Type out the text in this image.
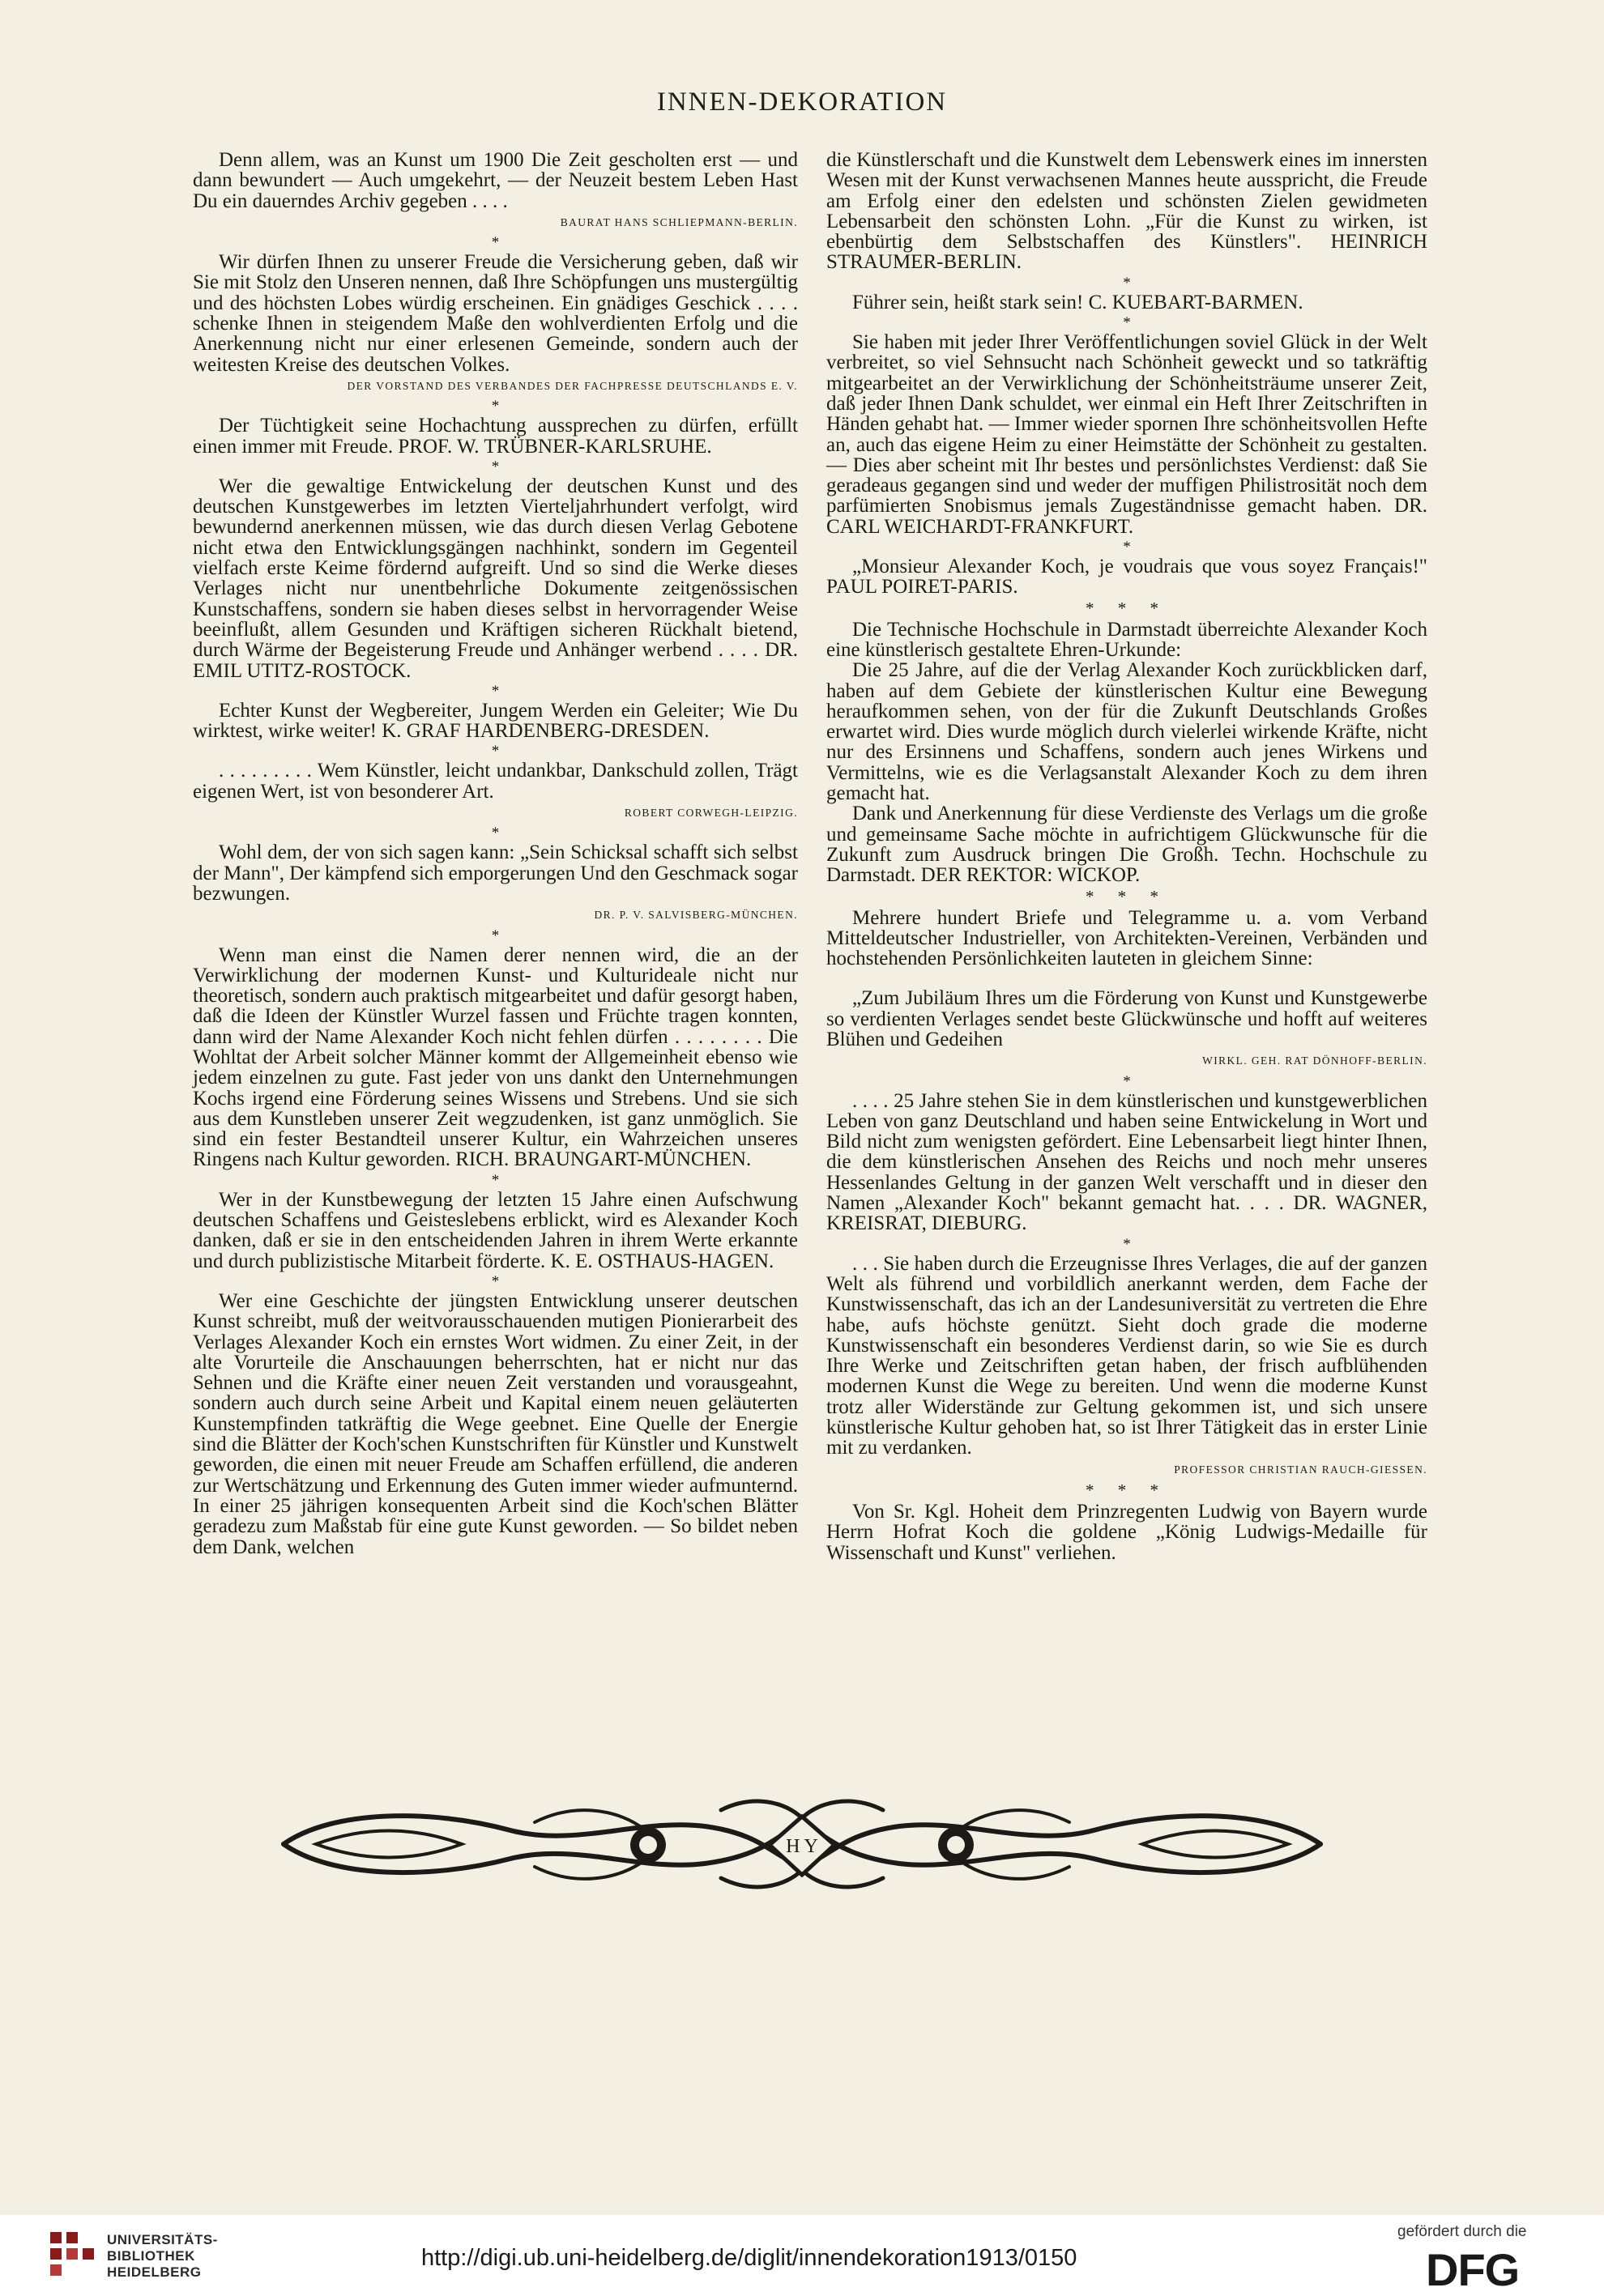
INNEN-DEKORATION

Denn allem, was an Kunst um 1900 Die Zeit gescholten erst — und dann bewundert — Auch umgekehrt, — der Neuzeit bestem Leben Hast Du ein dauerndes Archiv gegeben . . . .

BAURAT HANS SCHLIEPMANN-BERLIN.
*

Wir dürfen Ihnen zu unserer Freude die Versicherung geben, daß wir Sie mit Stolz den Unseren nennen, daß Ihre Schöpfungen uns mustergültig und des höchsten Lobes würdig erscheinen. Ein gnädiges Geschick . . . . schenke Ihnen in steigendem Maße den wohlverdienten Erfolg und die Anerkennung nicht nur einer erlesenen Gemeinde, sondern auch der weitesten Kreise des deutschen Volkes.

DER VORSTAND DES VERBANDES DER FACHPRESSE DEUTSCHLANDS E. V.
*

Der Tüchtigkeit seine Hochachtung aussprechen zu dürfen, erfüllt einen immer mit Freude. PROF. W. TRÜBNER-KARLSRUHE.

*

Wer die gewaltige Entwickelung der deutschen Kunst und des deutschen Kunstgewerbes im letzten Vierteljahrhundert verfolgt, wird bewundernd anerkennen müssen, wie das durch diesen Verlag Gebotene nicht etwa den Entwicklungsgängen nachhinkt, sondern im Gegenteil vielfach erste Keime fördernd aufgreift. Und so sind die Werke dieses Verlages nicht nur unentbehrliche Dokumente zeitgenössischen Kunstschaffens, sondern sie haben dieses selbst in hervorragender Weise beeinflußt, allem Gesunden und Kräftigen sicheren Rückhalt bietend, durch Wärme der Begeisterung Freude und Anhänger werbend . . . . DR. EMIL UTITZ-ROSTOCK.

*

Echter Kunst der Wegbereiter, Jungem Werden ein Geleiter; Wie Du wirktest, wirke weiter! K. GRAF HARDENBERG-DRESDEN.

*

. . . . . . . . . Wem Künstler, leicht undankbar, Dankschuld zollen, Trägt eigenen Wert, ist von besonderer Art.

ROBERT CORWEGH-LEIPZIG.
*

Wohl dem, der von sich sagen kann: „Sein Schicksal schafft sich selbst der Mann", Der kämpfend sich emporgerungen Und den Geschmack sogar bezwungen.

DR. P. V. SALVISBERG-MÜNCHEN.
*

Wenn man einst die Namen derer nennen wird, die an der Verwirklichung der modernen Kunst- und Kulturideale nicht nur theoretisch, sondern auch praktisch mitgearbeitet und dafür gesorgt haben, daß die Ideen der Künstler Wurzel fassen und Früchte tragen konnten, dann wird der Name Alexander Koch nicht fehlen dürfen . . . . . . . . Die Wohltat der Arbeit solcher Männer kommt der Allgemeinheit ebenso wie jedem einzelnen zu gute. Fast jeder von uns dankt den Unternehmungen Kochs irgend eine Förderung seines Wissens und Strebens. Und sie sich aus dem Kunstleben unserer Zeit wegzudenken, ist ganz unmöglich. Sie sind ein fester Bestandteil unserer Kultur, ein Wahrzeichen unseres Ringens nach Kultur geworden. RICH. BRAUNGART-MÜNCHEN.

*

Wer in der Kunstbewegung der letzten 15 Jahre einen Aufschwung deutschen Schaffens und Geisteslebens erblickt, wird es Alexander Koch danken, daß er sie in den entscheidenden Jahren in ihrem Werte erkannte und durch publizistische Mitarbeit förderte. K. E. OSTHAUS-HAGEN.

*

Wer eine Geschichte der jüngsten Entwicklung unserer deutschen Kunst schreibt, muß der weitvorausschauenden mutigen Pionierarbeit des Verlages Alexander Koch ein ernstes Wort widmen. Zu einer Zeit, in der alte Vorurteile die Anschauungen beherrschten, hat er nicht nur das Sehnen und die Kräfte einer neuen Zeit verstanden und vorausgeahnt, sondern auch durch seine Arbeit und Kapital einem neuen geläuterten Kunstempfinden tatkräftig die Wege geebnet. Eine Quelle der Energie sind die Blätter der Koch'schen Kunstschriften für Künstler und Kunstwelt geworden, die einen mit neuer Freude am Schaffen erfüllend, die anderen zur Wertschätzung und Erkennung des Guten immer wieder aufmunternd. In einer 25 jährigen konsequenten Arbeit sind die Koch'schen Blätter geradezu zum Maßstab für eine gute Kunst geworden. — So bildet neben dem Dank, welchen

die Künstlerschaft und die Kunstwelt dem Lebenswerk eines im innersten Wesen mit der Kunst verwachsenen Mannes heute ausspricht, die Freude am Erfolg einer den edelsten und schönsten Zielen gewidmeten Lebensarbeit den schönsten Lohn. „Für die Kunst zu wirken, ist ebenbürtig dem Selbstschaffen des Künstlers". HEINRICH STRAUMER-BERLIN.

*

Führer sein, heißt stark sein! C. KUEBART-BARMEN.

*

Sie haben mit jeder Ihrer Veröffentlichungen soviel Glück in der Welt verbreitet, so viel Sehnsucht nach Schönheit geweckt und so tatkräftig mitgearbeitet an der Verwirklichung der Schönheitsträume unserer Zeit, daß jeder Ihnen Dank schuldet, wer einmal ein Heft Ihrer Zeitschriften in Händen gehabt hat. — Immer wieder spornen Ihre schönheitsvollen Hefte an, auch das eigene Heim zu einer Heimstätte der Schönheit zu gestalten. — Dies aber scheint mit Ihr bestes und persönlichstes Verdienst: daß Sie geradeaus gegangen sind und weder der muffigen Philistrosität noch dem parfümierten Snobismus jemals Zugeständnisse gemacht haben. DR. CARL WEICHARDT-FRANKFURT.

*

„Monsieur Alexander Koch, je voudrais que vous soyez Français!" PAUL POIRET-PARIS.

* * *

Die Technische Hochschule in Darmstadt überreichte Alexander Koch eine künstlerisch gestaltete Ehren-Urkunde:

Die 25 Jahre, auf die der Verlag Alexander Koch zurückblicken darf, haben auf dem Gebiete der künstlerischen Kultur eine Bewegung heraufkommen sehen, von der für die Zukunft Deutschlands Großes erwartet wird. Dies wurde möglich durch vielerlei wirkende Kräfte, nicht nur des Ersinnens und Schaffens, sondern auch jenes Wirkens und Vermittelns, wie es die Verlagsanstalt Alexander Koch zu dem ihren gemacht hat.

Dank und Anerkennung für diese Verdienste des Verlags um die große und gemeinsame Sache möchte in aufrichtigem Glückwunsche für die Zukunft zum Ausdruck bringen Die Großh. Techn. Hochschule zu Darmstadt. DER REKTOR: WICKOP.

* * *

Mehrere hundert Briefe und Telegramme u. a. vom Verband Mitteldeutscher Industrieller, von Architekten-Vereinen, Verbänden und hochstehenden Persönlichkeiten lauteten in gleichem Sinne:

„Zum Jubiläum Ihres um die Förderung von Kunst und Kunstgewerbe so verdienten Verlages sendet beste Glückwünsche und hofft auf weiteres Blühen und Gedeihen

WIRKL. GEH. RAT DÖNHOFF-BERLIN.
*

. . . . 25 Jahre stehen Sie in dem künstlerischen und kunstgewerblichen Leben von ganz Deutschland und haben seine Entwickelung in Wort und Bild nicht zum wenigsten gefördert. Eine Lebensarbeit liegt hinter Ihnen, die dem künstlerischen Ansehen des Reichs und noch mehr unseres Hessenlandes Geltung in der ganzen Welt verschafft und in dieser den Namen „Alexander Koch" bekannt gemacht hat. . . . DR. WAGNER, KREISRAT, DIEBURG.

*

. . . Sie haben durch die Erzeugnisse Ihres Verlages, die auf der ganzen Welt als führend und vorbildlich anerkannt werden, dem Fache der Kunstwissenschaft, das ich an der Landesuniversität zu vertreten die Ehre habe, aufs höchste genützt. Sieht doch grade die moderne Kunstwissenschaft ein besonderes Verdienst darin, so wie Sie es durch Ihre Werke und Zeitschriften getan haben, der frisch aufblühenden modernen Kunst die Wege zu bereiten. Und wenn die moderne Kunst trotz aller Widerstände zur Geltung gekommen ist, und sich unsere künstlerische Kultur gehoben hat, so ist Ihrer Tätigkeit das in erster Linie mit zu verdanken.

PROFESSOR CHRISTIAN RAUCH-GIESSEN.
* * *

Von Sr. Kgl. Hoheit dem Prinzregenten Ludwig von Bayern wurde Herrn Hofrat Koch die goldene „König Ludwigs-Medaille für Wissenschaft und Kunst" verliehen.

H Y
UNIVERSITÄTS-
BIBLIOTHEK
HEIDELBERG
http://digi.ub.uni-heidelberg.de/diglit/innendekoration1913/0150
gefördert durch die
DFG
